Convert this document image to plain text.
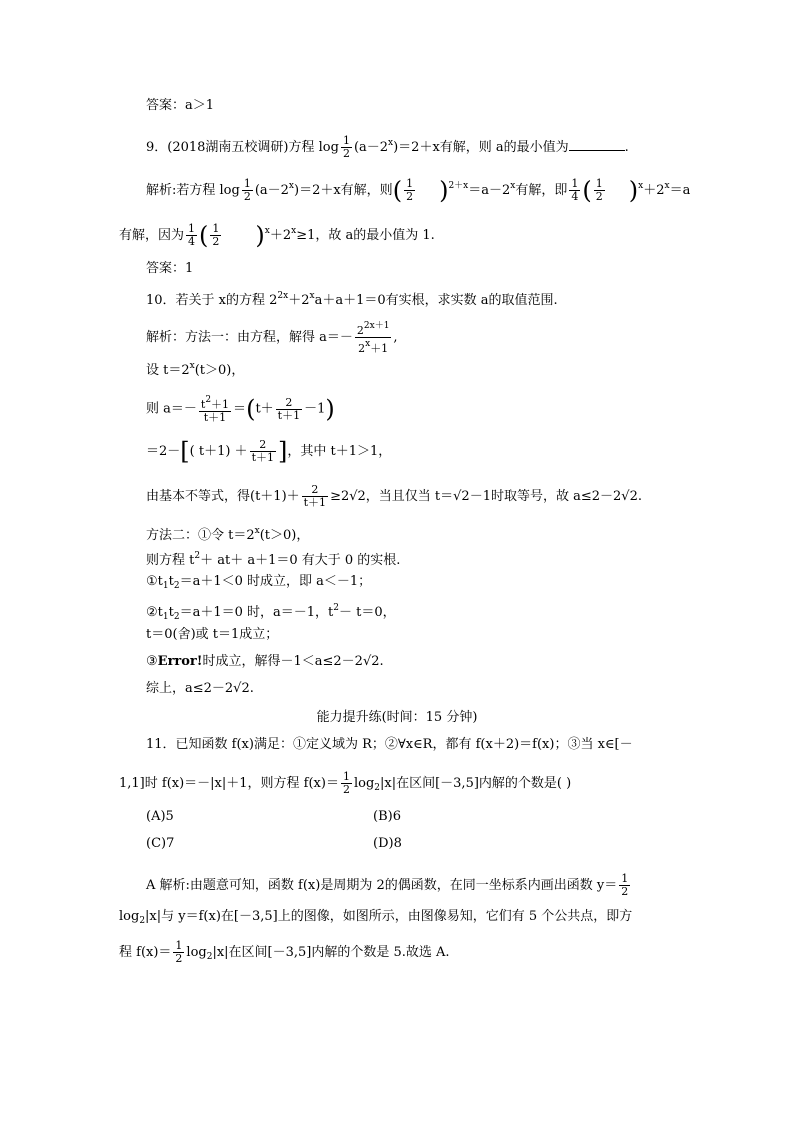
答案：a＞1
9．(2018湖南五校调研)方程 $\log \frac{1}{2} (a-2^x)=2+x$有解，则 a的最小值为	.
解析:若方程 $\log \frac{1}{2} (a-2^x)=2+x$有解，则( $\frac{1}{2} )^{2+x}=a-2^x$有解，即 $\frac{1}{4}$ ( $\frac{1}{2} )^x+2^x=a$
有解，因为 $\frac{1}{4}$ ( $\frac{1}{2} )^x+2^x\ge 1$，故 a的最小值为 1.
答案：1
10．若关于 x的方程 $2^{2x}+2^xa+a+1=0$有实根，求实数 a的取值范围.
解析：方法一：由方程，解得 $a=- \frac{2^{2x+1}}{2^x+1}$ ,
设 $t=2^x(t>0)$，
则 $a=- \frac{t^2+1}{t+1} =(t+ \frac{2}{t+1} -1)$
＝2－[( $t+1) + \frac{2}{t+1}$ ]，其中 t＋1＞1，
由基本不等式，得$(t+1)+ \frac{2}{t+1} \ge 2√2$，当且仅当 t＝√2－1时取等号，故 a≤2－2√2.
方法二：①令 $t=2^x(t>0)$，
则方程 $t^2+ at+ a+1=0$ 有大于 0 的实根.
$①t_1t_2=a+1<0$ 时成立，即 a＜－1；
$②t_1t_2=a+1=0$ 时，a＝－1，$t^2- t=0$，
t＝0(舍)或 t＝1成立；
③Error!时成立，解得－1＜a≤2－2√2.
综上，a≤2－2√2.
能力提升练(时间：15 分钟)
11．已知函数 f(x)满足：①定义域为 R；②∀x∈R，都有 f(x＋2)＝f(x)；③当 x∈[－
1,1]时 f(x)＝－|x|＋1，则方程 $f(x)= \frac{1}{2} \log_2|x|$在区间[－3,5]内解的个数是( )
(A)5	(B)6
(C)7	(D)8
A 解析:由题意可知，函数 f(x)是周期为 2的偶函数，在同一坐标系内画出函数 $y= \frac{1}{2}$
$\log_2|x|$与 y＝f(x)在[－3,5]上的图像，如图所示，由图像易知，它们有 5 个公共点，即方
程 $f(x)= \frac{1}{2} \log_2|x|$在区间[－3,5]内解的个数是 5.故选 A.
